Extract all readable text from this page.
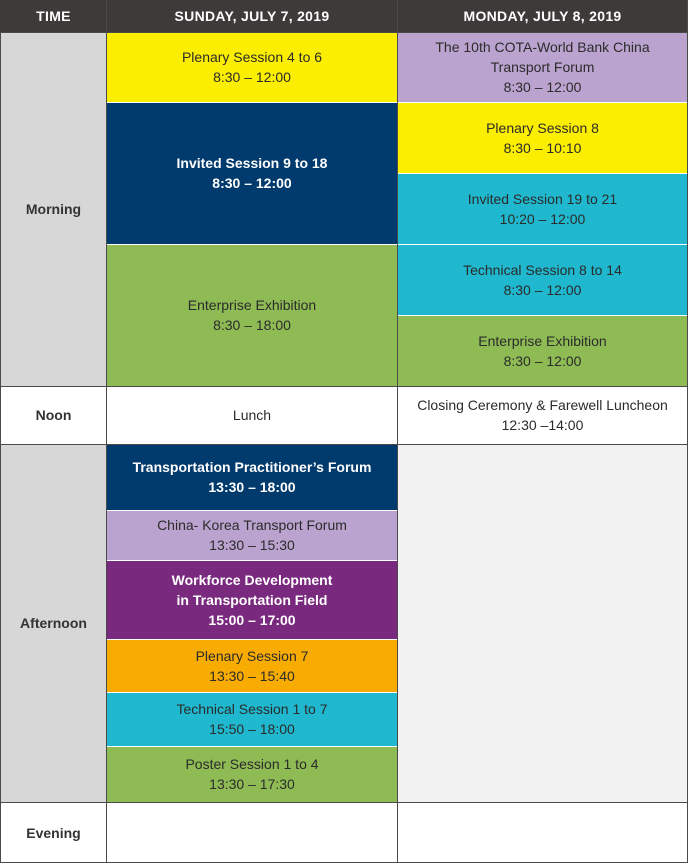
TIME	SUNDAY, JULY 7, 2019	MONDAY, JULY 8, 2019
Morning
Noon
Afternoon
Evening
Plenary Session 4 to 6
8:30 – 12:00
Invited Session 9 to 18
8:30 – 12:00
Enterprise Exhibition
8:30 – 18:00
Lunch
Transportation Practitioner’s Forum
13:30 – 18:00
China- Korea Transport Forum
13:30 – 15:30
Workforce Development
in Transportation Field
15:00 – 17:00
Plenary Session 7
13:30 – 15:40
Technical Session 1 to 7
15:50 – 18:00
Poster Session 1 to 4
13:30 – 17:30
The 10th COTA-World Bank China
Transport Forum
8:30 – 12:00
Plenary Session 8
8:30 – 10:10
Invited Session 19 to 21
10:20 – 12:00
Technical Session 8 to 14
8:30 – 12:00
Enterprise Exhibition
8:30 – 12:00
Closing Ceremony & Farewell Luncheon
12:30 –14:00
